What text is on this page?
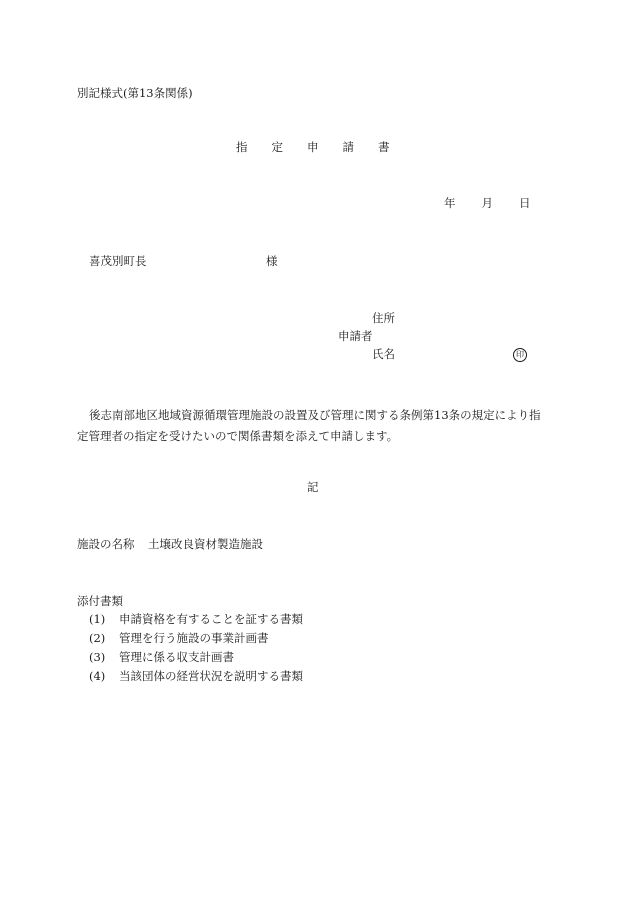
別記様式(第13条関係)
指 定 申 請 書
年 月 日
喜茂別町長	様
住所
申請者
氏名	印

後志南部地区地域資源循環管理施設の設置及び管理に関する条例第13条の規定により指定管理者の指定を受けたいので関係書類を添えて申請します。

記
施設の名称 土壌改良資材製造施設
添付書類
(1) 申請資格を有することを証する書類
(2) 管理を行う施設の事業計画書
(3) 管理に係る収支計画書
(4) 当該団体の経営状況を説明する書類
